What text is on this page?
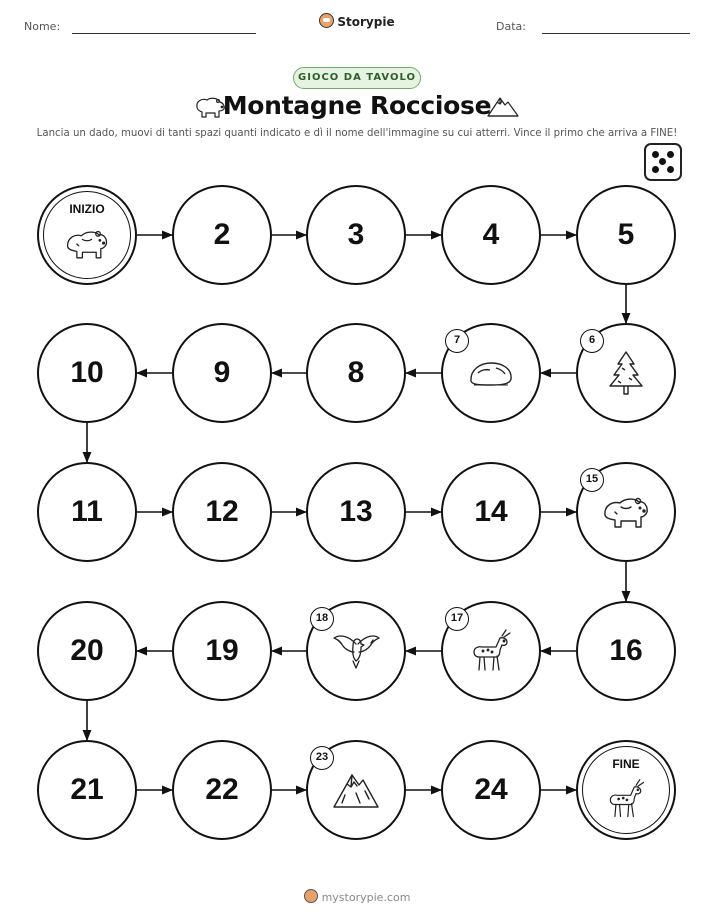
Nome:	Storypie	Data:
GIOCO DA TAVOLO
Montagne Rocciose
Lancia un dado, muovi di tanti spazi quanti indicato e dì il nome dell'immagine su cui atterri. Vince il primo che arriva a FINE!
INIZIO
2	3	4	5
6
7
8
9
10
11	12	13	14
15
16
17
18
19
20
21	22
23
24
FINE
mystorypie.com
